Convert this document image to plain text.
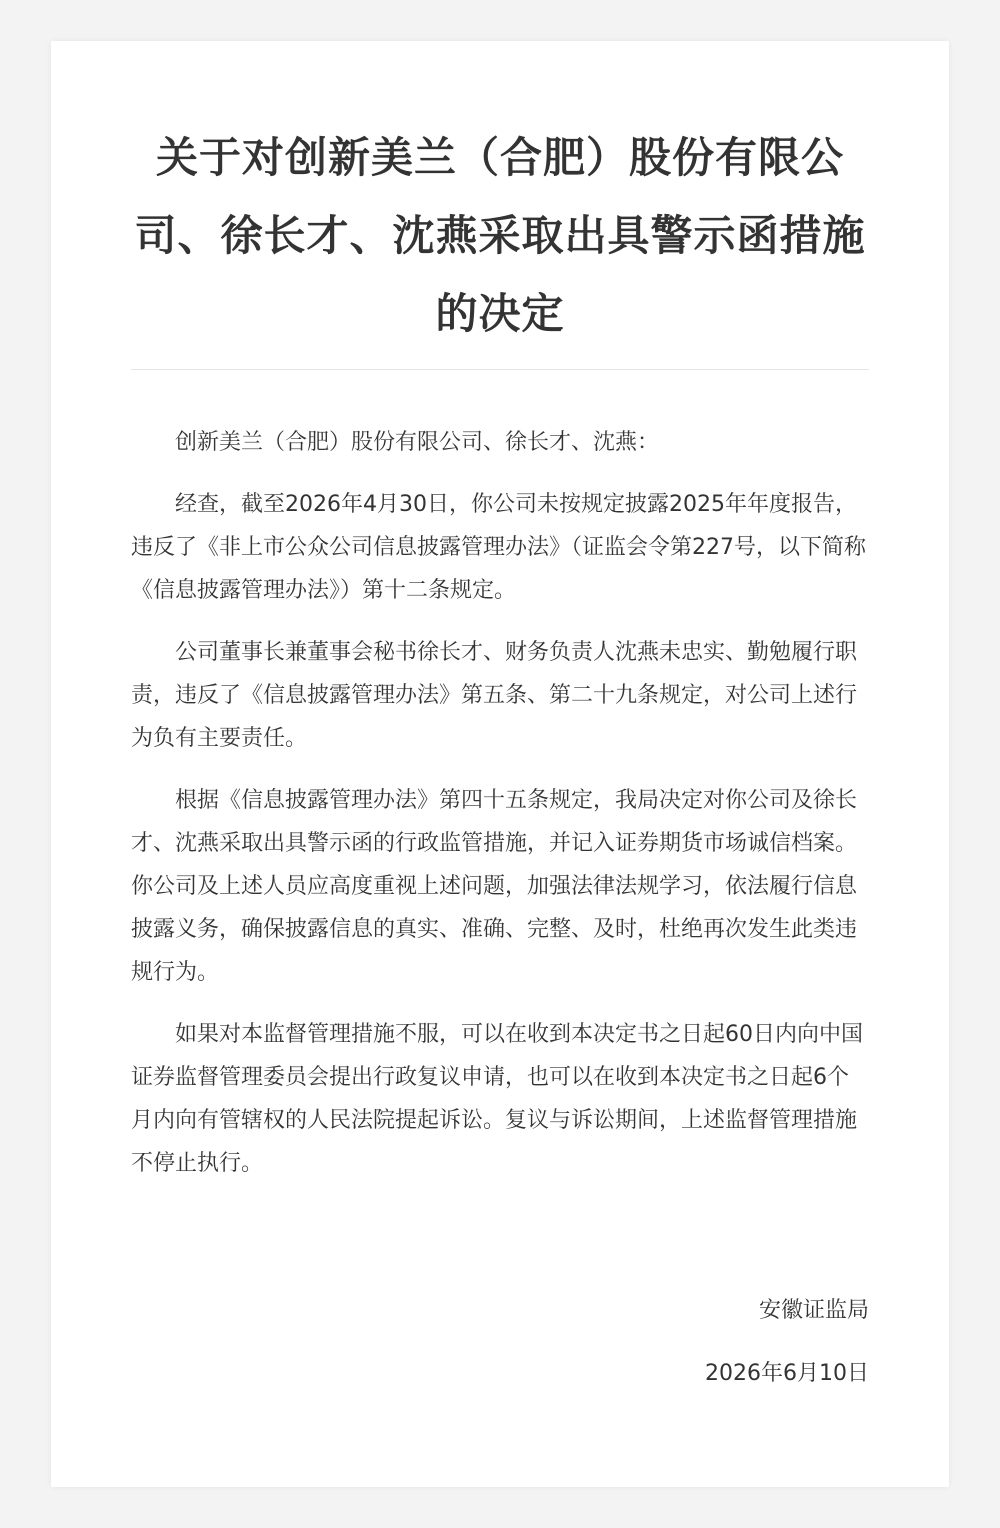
关于对创新美兰（合肥）股份有限公司、徐长才、沈燕采取出具警示函措施的决定

创新美兰（合肥）股份有限公司、徐长才、沈燕：

经查，截至2026年4月30日，你公司未按规定披露2025年年度报告，违反了《非上市公众公司信息披露管理办法》（证监会令第227号，以下简称《信息披露管理办法》）第十二条规定。

公司董事长兼董事会秘书徐长才、财务负责人沈燕未忠实、勤勉履行职责，违反了《信息披露管理办法》第五条、第二十九条规定，对公司上述行为负有主要责任。

根据《信息披露管理办法》第四十五条规定，我局决定对你公司及徐长才、沈燕采取出具警示函的行政监管措施，并记入证券期货市场诚信档案。你公司及上述人员应高度重视上述问题，加强法律法规学习，依法履行信息披露义务，确保披露信息的真实、准确、完整、及时，杜绝再次发生此类违规行为。

如果对本监督管理措施不服，可以在收到本决定书之日起60日内向中国证券监督管理委员会提出行政复议申请，也可以在收到本决定书之日起6个月内向有管辖权的人民法院提起诉讼。复议与诉讼期间，上述监督管理措施不停止执行。

安徽证监局

2026年6月10日
